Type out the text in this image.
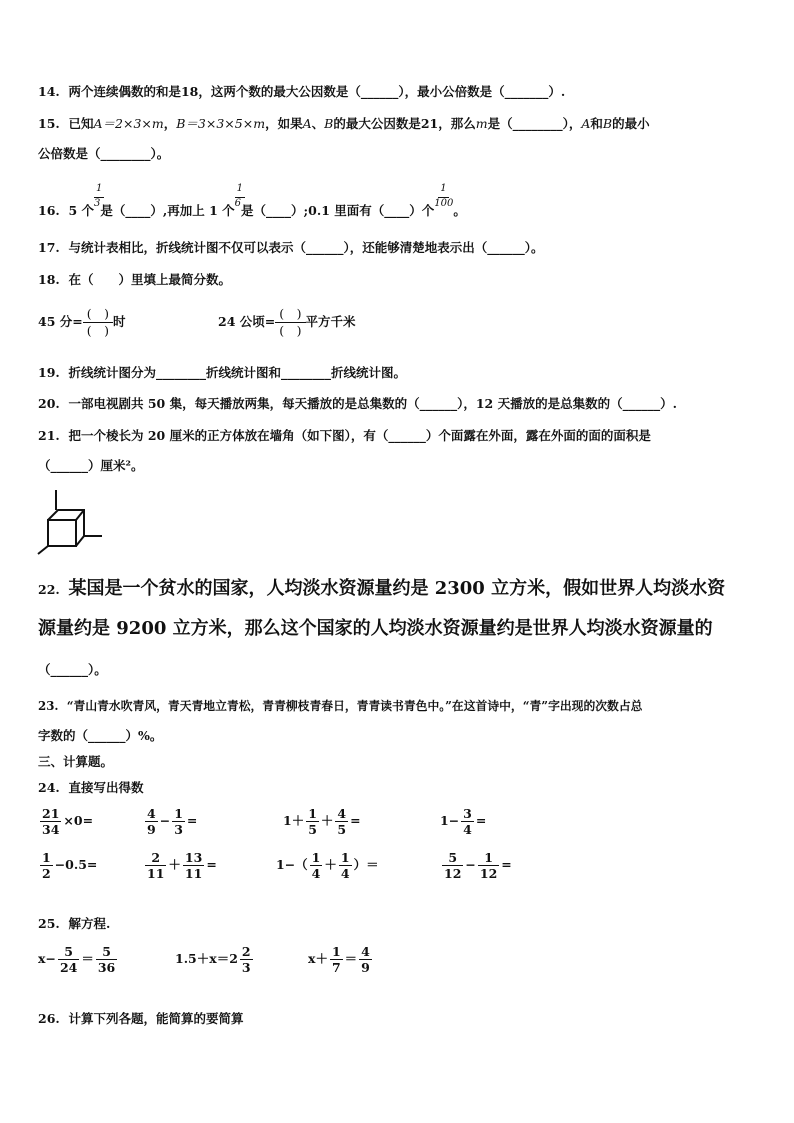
14. 两个连续偶数的和是18，这两个数的最大公因数是（______），最小公倍数是（_______）.
15. 已知A＝2×3×m，B＝3×3×5×m，如果A、B的最大公因数是21，那么m是（________），A和B的最小
公倍数是（________）。
16. 5 个
1
$^3$是（____）,再加上 1 个
1
$^6$是（____）;0.1 里面有（____）个
1
$^{100}$。
17. 与统计表相比，折线统计图不仅可以表示（______），还能够清楚地表示出（______）。
18. 在（　　）里填上最简分数。
45 分=
(　)
(　)时	24 公顷=
(　)
(　)平方千米
19. 折线统计图分为________折线统计图和________折线统计图。
20. 一部电视剧共 50 集，每天播放两集，每天播放的是总集数的（______），12 天播放的是总集数的（______）.
21. 把一个棱长为 20 厘米的正方体放在墙角（如下图），有（______）个面露在外面，露在外面的面的面积是
（______）厘米²。
22. 某国是一个贫水的国家，人均淡水资源量约是 2300 立方米，假如世界人均淡水资
源量约是 9200 立方米，那么这个国家的人均淡水资源量约是世界人均淡水资源量的
（______）。
23. “青山青水吹青风，青天青地立青松，青青柳枝青春日，青青读书青色中。”在这首诗中，“青”字出现的次数占总
字数的（______）%。
三、计算题。
24. 直接写出得数
$\frac{21}{34} \times 0=$	$\frac{4}{9} - \frac{1}{3}$ =	$1+ \frac{1}{5} + \frac{4}{5}$ =	$1- \frac{3}{4}$ =
$\frac{1}{2} -0.5=$	$\frac{2}{11} + \frac{13}{11}$ =	$1-( \frac{1}{4} + \frac{1}{4}$ ）＝	$\frac{5}{12} - \frac{1}{12}$ =
25. 解方程.
$x- \frac{5}{24} = \frac{5}{36}$	$1.5+x=2 \frac{2}{3}$	$x+ \frac{1}{7} = \frac{4}{9}$
26. 计算下列各题，能简算的要简算
